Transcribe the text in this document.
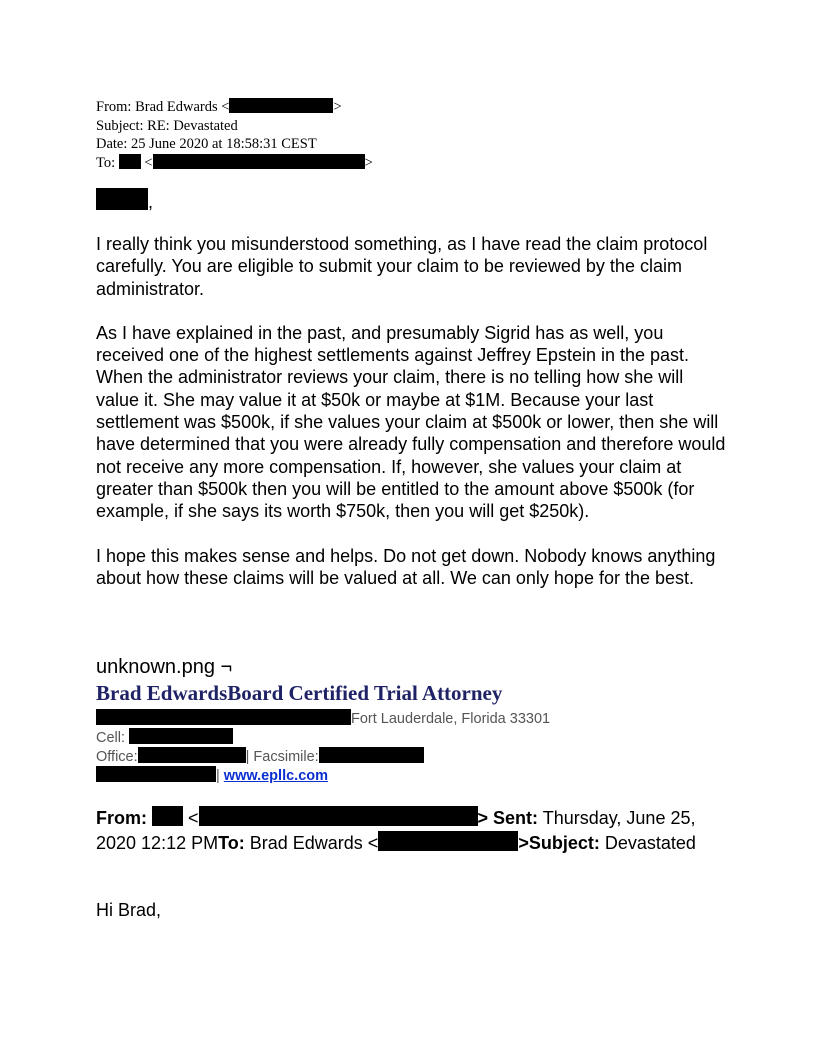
From: Brad Edwards <	>
Subject: RE: Devastated
Date: 25 June 2020 at 18:58:31 CEST
To:  <	>
,

I really think you misunderstood something, as I have read the claim protocol carefully. You are eligible to submit your claim to be reviewed by the claim administrator.

As I have explained in the past, and presumably Sigrid has as well, you received one of the highest settlements against Jeffrey Epstein in the past. When the administrator reviews your claim, there is no telling how she will value it. She may value it at $50k or maybe at $1M. Because your last settlement was $500k, if she values your claim at $500k or lower, then she will have determined that you were already fully compensation and therefore would not receive any more compensation. If, however, she values your claim at greater than $500k then you will be entitled to the amount above $500k (for example, if she says its worth $750k, then you will get $250k).

I hope this makes sense and helps. Do not get down. Nobody knows anything about how these claims will be valued at all. We can only hope for the best.

unknown.png ¬
Brad EdwardsBoard Certified Trial Attorney
Fort Lauderdale, Florida 33301
Cell:
Office:	| Facsimile:
| www.epllc.com
From:  <	> Sent: Thursday, June 25, 2020 12:12 PMTo: Brad Edwards <	>Subject: Devastated
Hi Brad,
